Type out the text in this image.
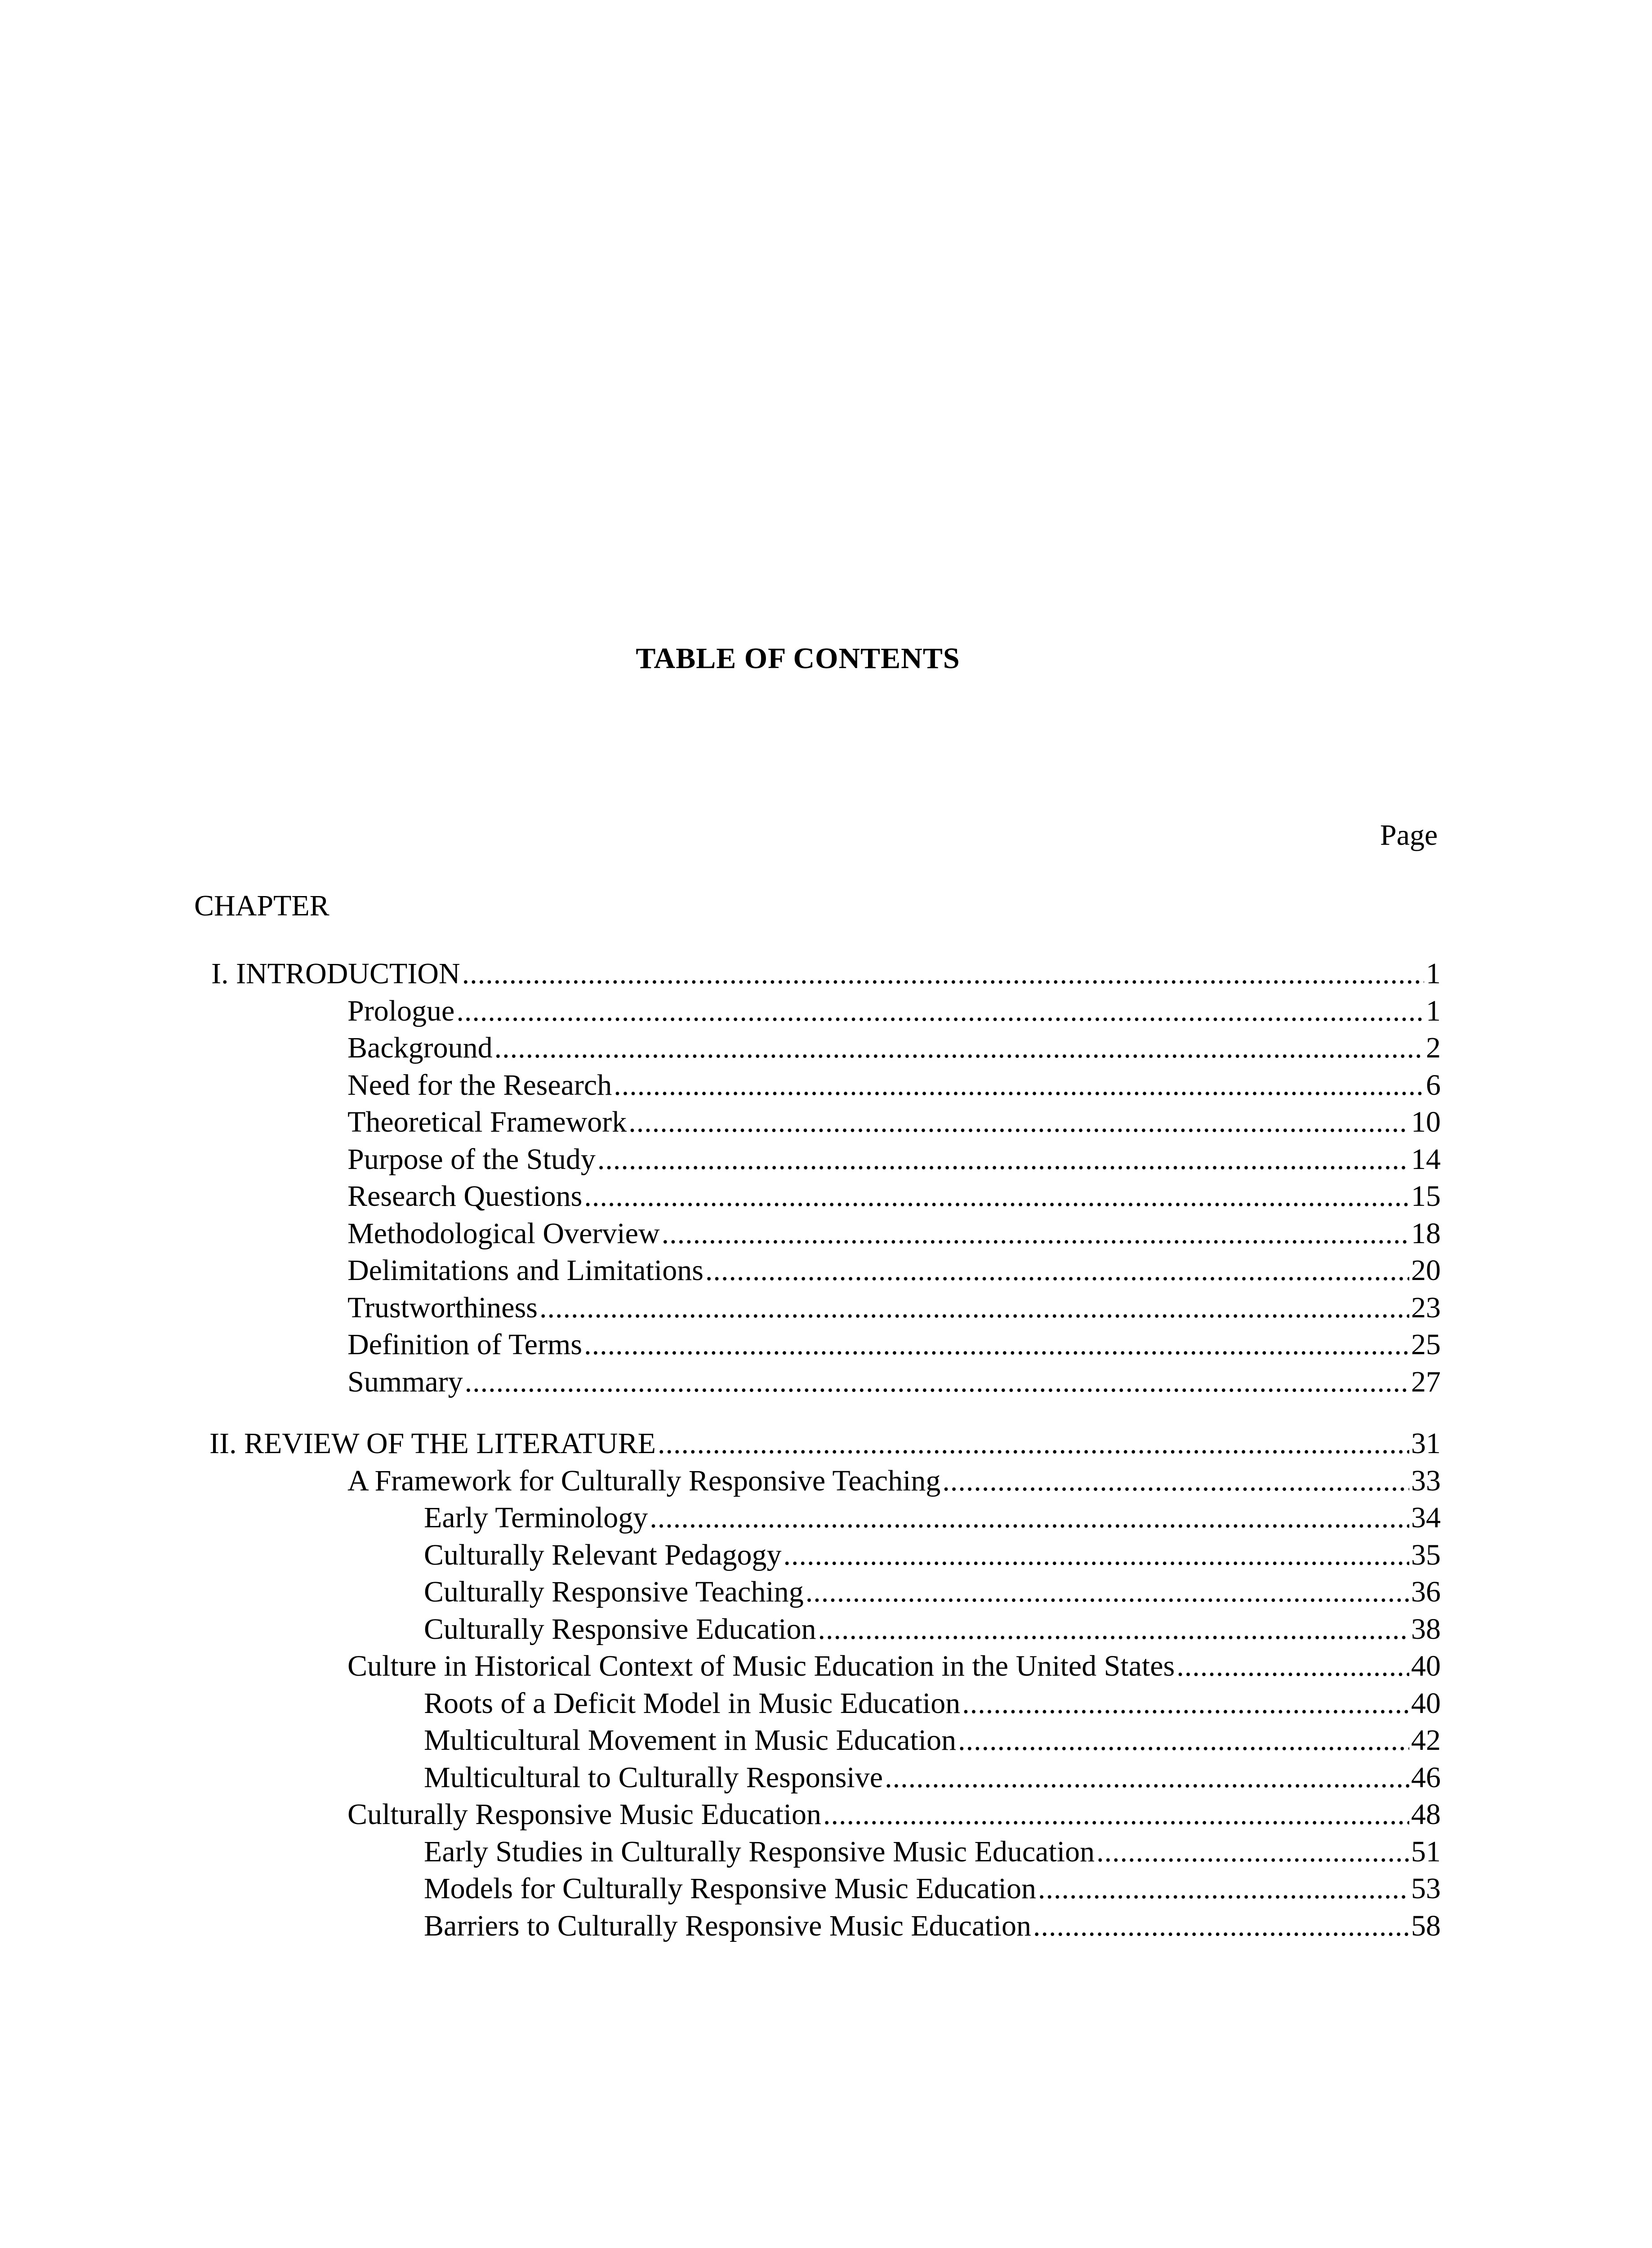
TABLE OF CONTENTS
Page
CHAPTER
I. INTRODUCTION .....	1
Prologue .....	1
Background .....	2
Need for the Research .....	6
Theoretical Framework .....	10
Purpose of the Study .....	14
Research Questions .....	15
Methodological Overview .....	18
Delimitations and Limitations .....	20
Trustworthiness .....	23
Definition of Terms .....	25
Summary .....	27
II. REVIEW OF THE LITERATURE .....	31
A Framework for Culturally Responsive Teaching .....	33
Early Terminology .....	34
Culturally Relevant Pedagogy .....	35
Culturally Responsive Teaching .....	36
Culturally Responsive Education .....	38
Culture in Historical Context of Music Education in the United States .....	40
Roots of a Deficit Model in Music Education .....	40
Multicultural Movement in Music Education .....	42
Multicultural to Culturally Responsive .....	46
Culturally Responsive Music Education .....	48
Early Studies in Culturally Responsive Music Education .....	51
Models for Culturally Responsive Music Education .....	53
Barriers to Culturally Responsive Music Education .....	58
